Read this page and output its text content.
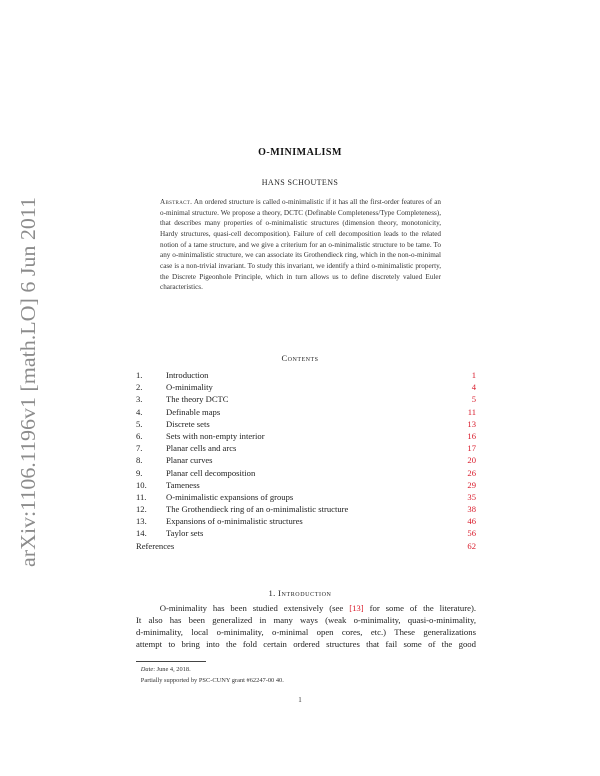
arXiv:1106.1196v1 [math.LO] 6 Jun 2011
O-MINIMALISM
HANS SCHOUTENS
Abstract. An ordered structure is called o-minimalistic if it has all the first-order features of an o-minimal structure. We propose a theory, DCTC (Definable Completeness/Type Completeness), that describes many properties of o-minimalistic structures (dimension theory, monotonicity, Hardy structures, quasi-cell decomposition). Failure of cell decomposition leads to the related notion of a tame structure, and we give a criterium for an o-minimalistic structure to be tame. To any o-minimalistic structure, we can associate its Grothendieck ring, which in the non-o-minimal case is a non-trivial invariant. To study this invariant, we identify a third o-minimalistic property, the Discrete Pigeonhole Principle, which in turn allows us to define discretely valued Euler characteristics.
Contents
1.	Introduction	1
2.	O-minimality	4
3.	The theory DCTC	5
4.	Definable maps	11
5.	Discrete sets	13
6.	Sets with non-empty interior	16
7.	Planar cells and arcs	17
8.	Planar curves	20
9.	Planar cell decomposition	26
10.	Tameness	29
11.	O-minimalistic expansions of groups	35
12.	The Grothendieck ring of an o-minimalistic structure	38
13.	Expansions of o-minimalistic structures	46
14.	Taylor sets	56
References	62
1. Introduction
O-minimality has been studied extensively (see [13] for some of the literature).
It also has been generalized in many ways (weak o-minimality, quasi-o-minimality,
d-minimality, local o-minimality, o-minimal open cores, etc.) These generalizations
attempt to bring into the fold certain ordered structures that fail some of the good
Date: June 4, 2018.
Partially supported by PSC-CUNY grant #62247-00 40.
1
